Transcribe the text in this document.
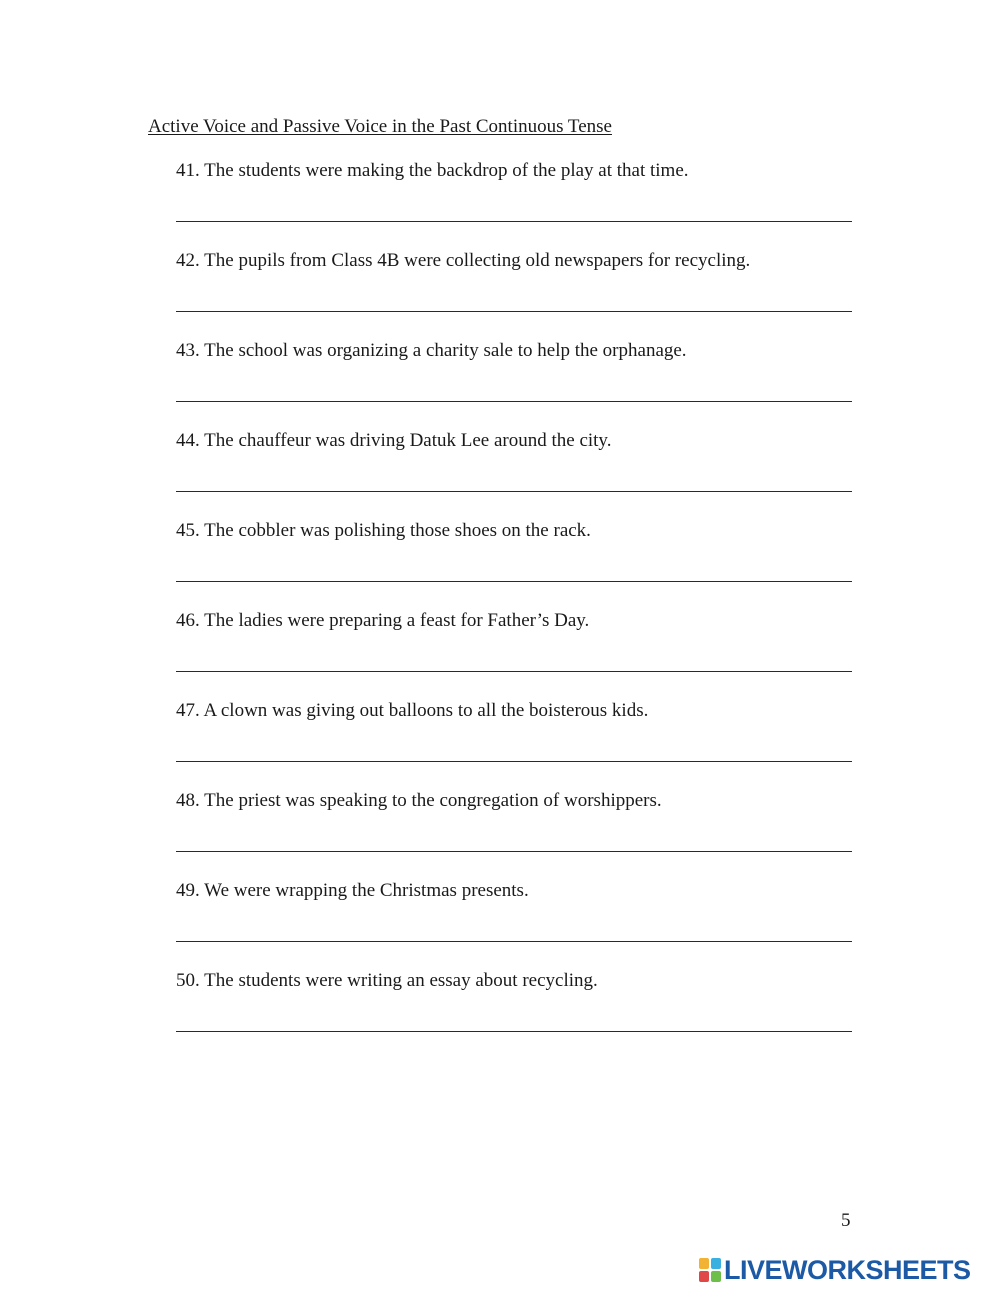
Active Voice and Passive Voice in the Past Continuous Tense
41. The students were making the backdrop of the play at that time.
42. The pupils from Class 4B were collecting old newspapers for recycling.
43. The school was organizing a charity sale to help the orphanage.
44. The chauffeur was driving Datuk Lee around the city.
45. The cobbler was polishing those shoes on the rack.
46. The ladies were preparing a feast for Father’s Day.
47. A clown was giving out balloons to all the boisterous kids.
48. The priest was speaking to the congregation of worshippers.
49. We were wrapping the Christmas presents.
50. The students were writing an essay about recycling.
5
LIVEWORKSHEETS
